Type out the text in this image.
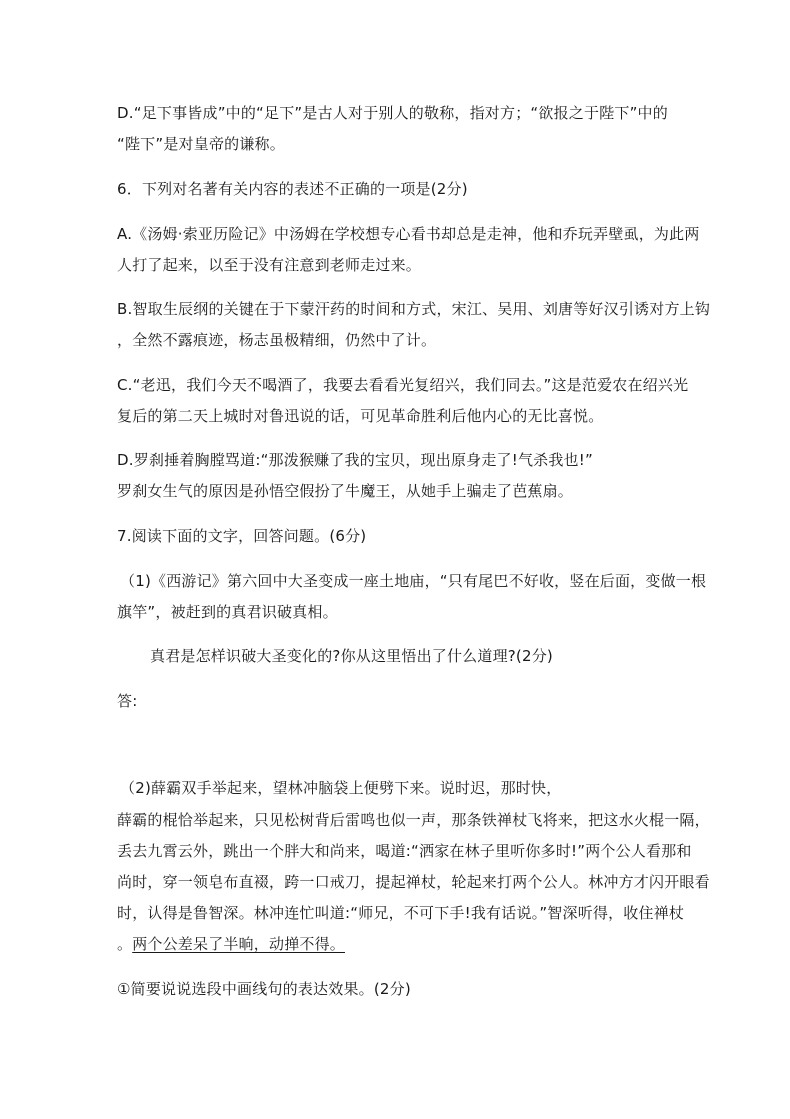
D.“足下事皆成”中的“足下”是古人对于别人的敬称，指对方；“欲报之于陛下”中的
“陛下”是对皇帝的谦称。
6．下列对名著有关内容的表述不正确的一项是(2分)
A.《汤姆·索亚历险记》中汤姆在学校想专心看书却总是走神，他和乔玩弄壁虱，为此两
人打了起来，以至于没有注意到老师走过来。
B.智取生辰纲的关键在于下蒙汗药的时间和方式，宋江、吴用、刘唐等好汉引诱对方上钩
，全然不露痕迹，杨志虽极精细，仍然中了计。
C.“老迅，我们今天不喝酒了，我要去看看光复绍兴，我们同去。”这是范爱农在绍兴光
复后的第二天上城时对鲁迅说的话，可见革命胜利后他内心的无比喜悦。
D.罗刹捶着胸膛骂道:“那泼猴赚了我的宝贝，现出原身走了!气杀我也!”
罗刹女生气的原因是孙悟空假扮了牛魔王，从她手上骗走了芭蕉扇。
7.阅读下面的文字，回答问题。(6分)
（1)《西游记》第六回中大圣变成一座土地庙，“只有尾巴不好收，竖在后面，变做一根
旗竿”，被赶到的真君识破真相。
真君是怎样识破大圣变化的?你从这里悟出了什么道理?(2分)
答:
（2)薛霸双手举起来，望林冲脑袋上便劈下来。说时迟，那时快，
薛霸的棍恰举起来，只见松树背后雷鸣也似一声，那条铁禅杖飞将来，把这水火棍一隔，
丢去九霄云外，跳出一个胖大和尚来，喝道:“洒家在林子里听你多时!”两个公人看那和
尚时，穿一领皂布直裰，跨一口戒刀，提起禅杖，轮起来打两个公人。林冲方才闪开眼看
时，认得是鲁智深。林冲连忙叫道:“师兄，不可下手!我有话说。”智深听得，收住禅杖
。两个公差呆了半晌，动掸不得。
①简要说说选段中画线句的表达效果。(2分)
